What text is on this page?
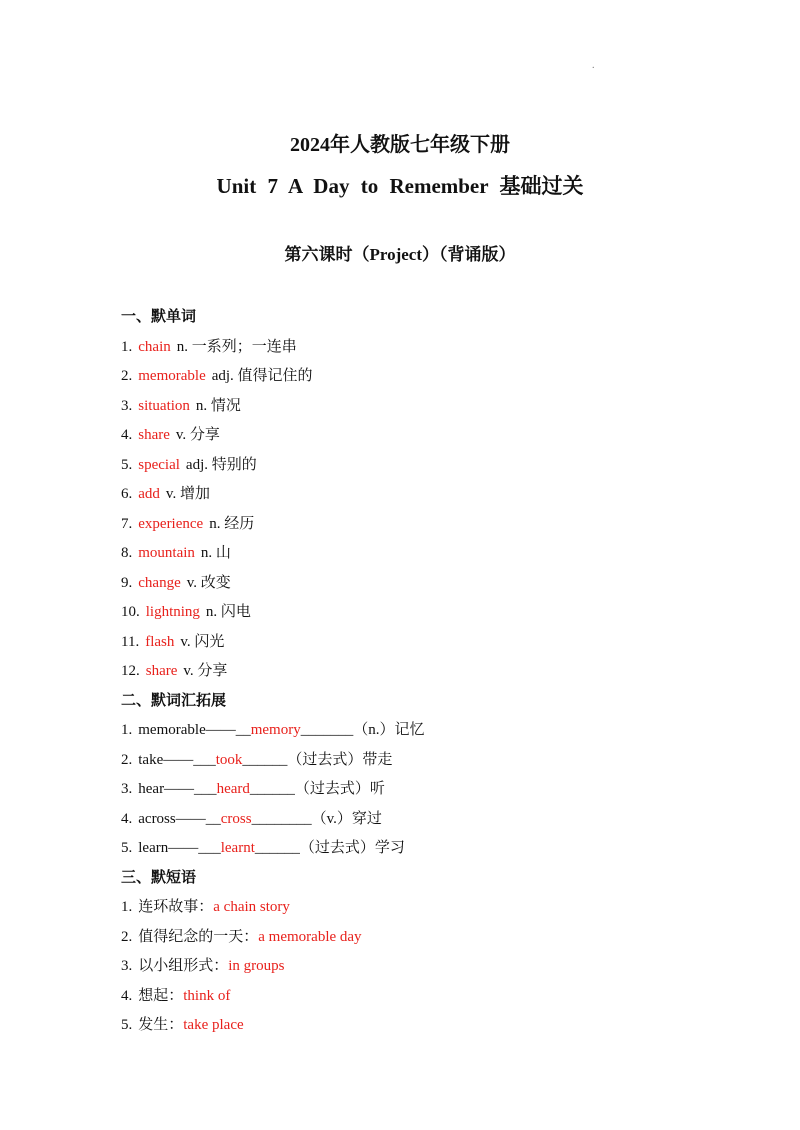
.
2024年人教版七年级下册
Unit 7 A Day to Remember 基础过关
第六课时（Project）（背诵版）
一、默单词
1. chain n. 一系列；一连串
2. memorable adj. 值得记住的
3. situation n. 情况
4. share v. 分享
5. special adj. 特别的
6. add v. 增加
7. experience n. 经历
8. mountain n. 山
9. change v. 改变
10. lightning n. 闪电
11. flash v. 闪光
12. share v. 分享
二、默词汇拓展
1. memorable——__memory_______（n.）记忆
2. take——___took______（过去式）带走
3. hear——___heard______（过去式）听
4. across——__cross________（v.）穿过
5. learn——___learnt______（过去式）学习
三、默短语
1. 连环故事：a chain story
2. 值得纪念的一天：a memorable day
3. 以小组形式：in groups
4. 想起：think of
5. 发生：take place
